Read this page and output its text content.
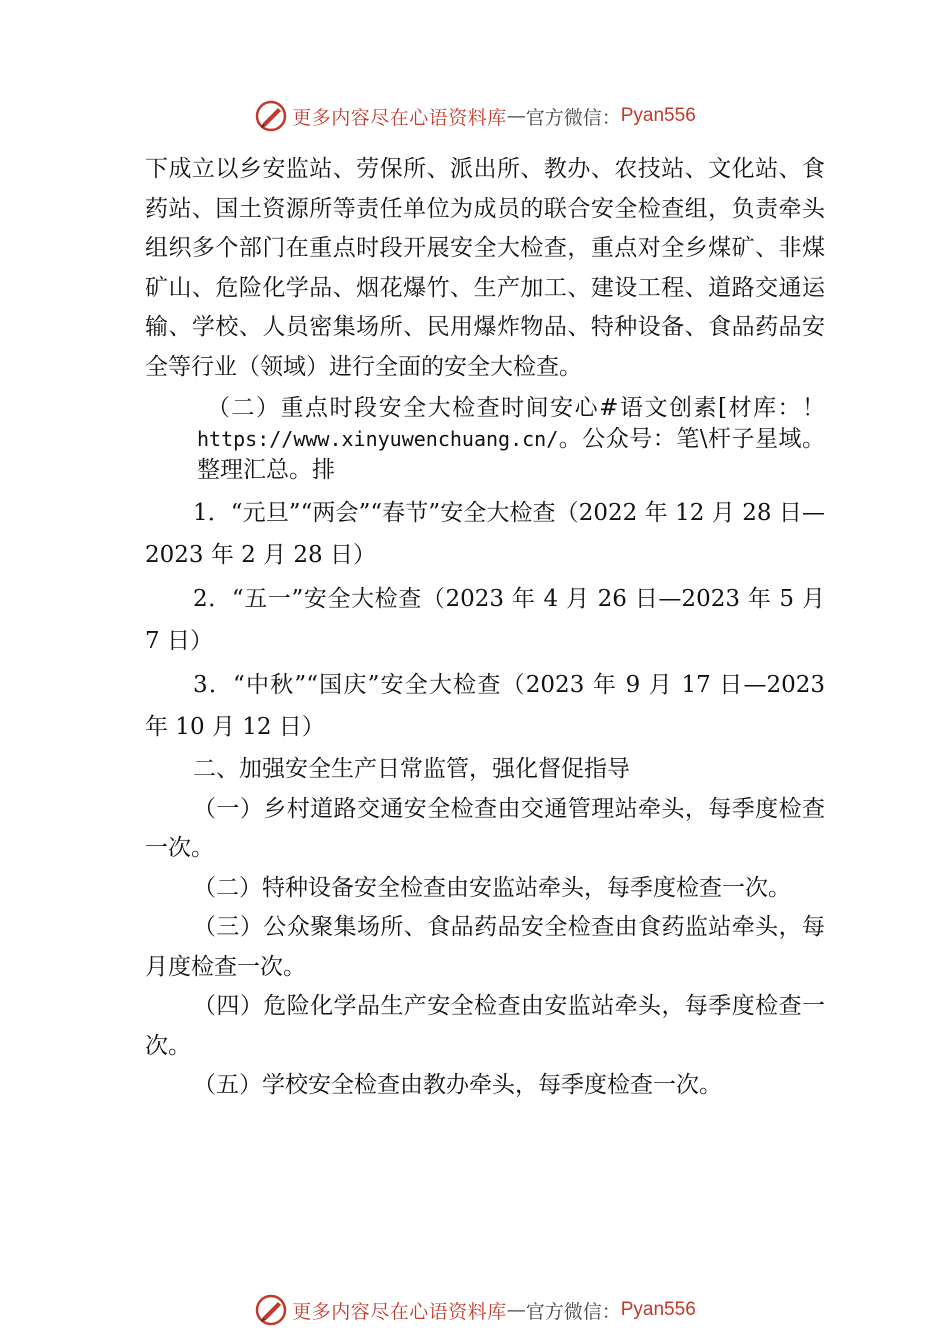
更多内容尽在心语资料库 — 官方微信： Pyan556

下成立以乡安监站、劳保所、派出所、教办、农技站、文化站、食药站、国土资源所等责任单位为成员的联合安全检查组，负责牵头组织多个部门在重点时段开展安全大检查，重点对全乡煤矿、非煤矿山、危险化学品、烟花爆竹、生产加工、建设工程、道路交通运输、学校、人员密集场所、民用爆炸物品、特种设备、食品药品安全等行业（领域）进行全面的安全大检查。

（二）重点时段安全大检查时间安心#语文创素[材库：！https://www.xinyuwenchuang.cn/。公众号：笔\杆子星域。整理汇总。排

1．“元旦”“两会”“春节”安全大检查（2022 年 12 月 28 日—2023 年 2 月 28 日）

2．“五一”安全大检查（2023 年 4 月 26 日—2023 年 5 月 7 日）

3．“中秋”“国庆”安全大检查（2023 年 9 月 17 日—2023 年 10 月 12 日）

二、加强安全生产日常监管，强化督促指导

（一）乡村道路交通安全检查由交通管理站牵头，每季度检查一次。

（二）特种设备安全检查由安监站牵头，每季度检查一次。

（三）公众聚集场所、食品药品安全检查由食药监站牵头，每月度检查一次。

（四）危险化学品生产安全检查由安监站牵头，每季度检查一次。

（五）学校安全检查由教办牵头，每季度检查一次。

更多内容尽在心语资料库 — 官方微信： Pyan556
